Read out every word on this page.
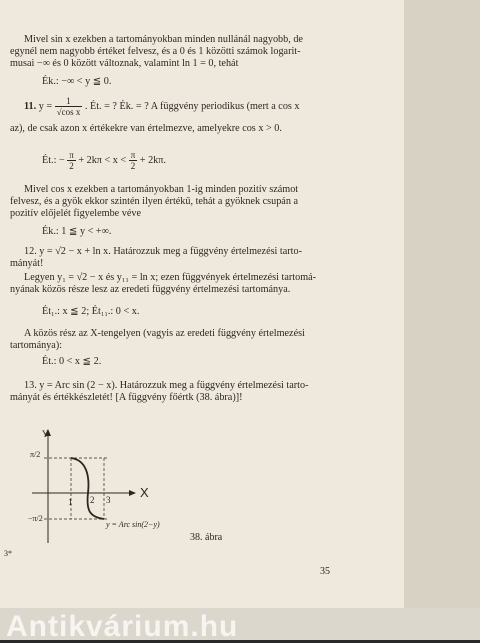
Mivel sin x ezekben a tartományokban minden nullánál nagyobb, de
egynél nem nagyobb értéket felvesz, és a 0 és 1 közötti számok logarit-
musai −∞ és 0 között változnak, valamint ln 1 = 0, tehát
Ék.: −∞ < y ≦ 0.
11. $y = \frac{1}{\text{√cos x}}$ . Ét. = ? Ék. = ? A függvény periodikus (mert a cos x
az), de csak azon x értékekre van értelmezve, amelyekre cos x > 0.
Ét.: − $\frac{\pi}{2} + 2k\pi < x < \frac{\pi}{2} + 2k\pi$.
Mivel cos x ezekben a tartományokban 1-ig minden pozitív számot
felvesz, és a gyök ekkor szintén ilyen értékű, tehát a gyöknek csupán a
pozitív előjelét figyelembe véve
Ék.: 1 ≦ y < +∞.
12. y = √2 − x + ln x. Határozzuk meg a függvény értelmezési tarto-
mányát!
Legyen y₁ = √2 − x és y₁₁ = ln x; ezen függvények értelmezési tartomá-
nyának közös része lesz az eredeti függvény értelmezési tartománya.
Ét₁.: x ≦ 2; Ét₁₁.: 0 < x.
A közös rész az X-tengelyen (vagyis az eredeti függvény értelmezési
tartománya):
Ét.: 0 < x ≦ 2.
13. y = Arc sin (2 − x). Határozzuk meg a függvény értelmezési tarto-
mányát és értékkészletét! [A függvény főértk (38. ábra)]!
Y
X
π/2
−π/2
1 2 3
y = Arc sin(2−y)
38. ábra
3*
35
Antikvárium.hu
